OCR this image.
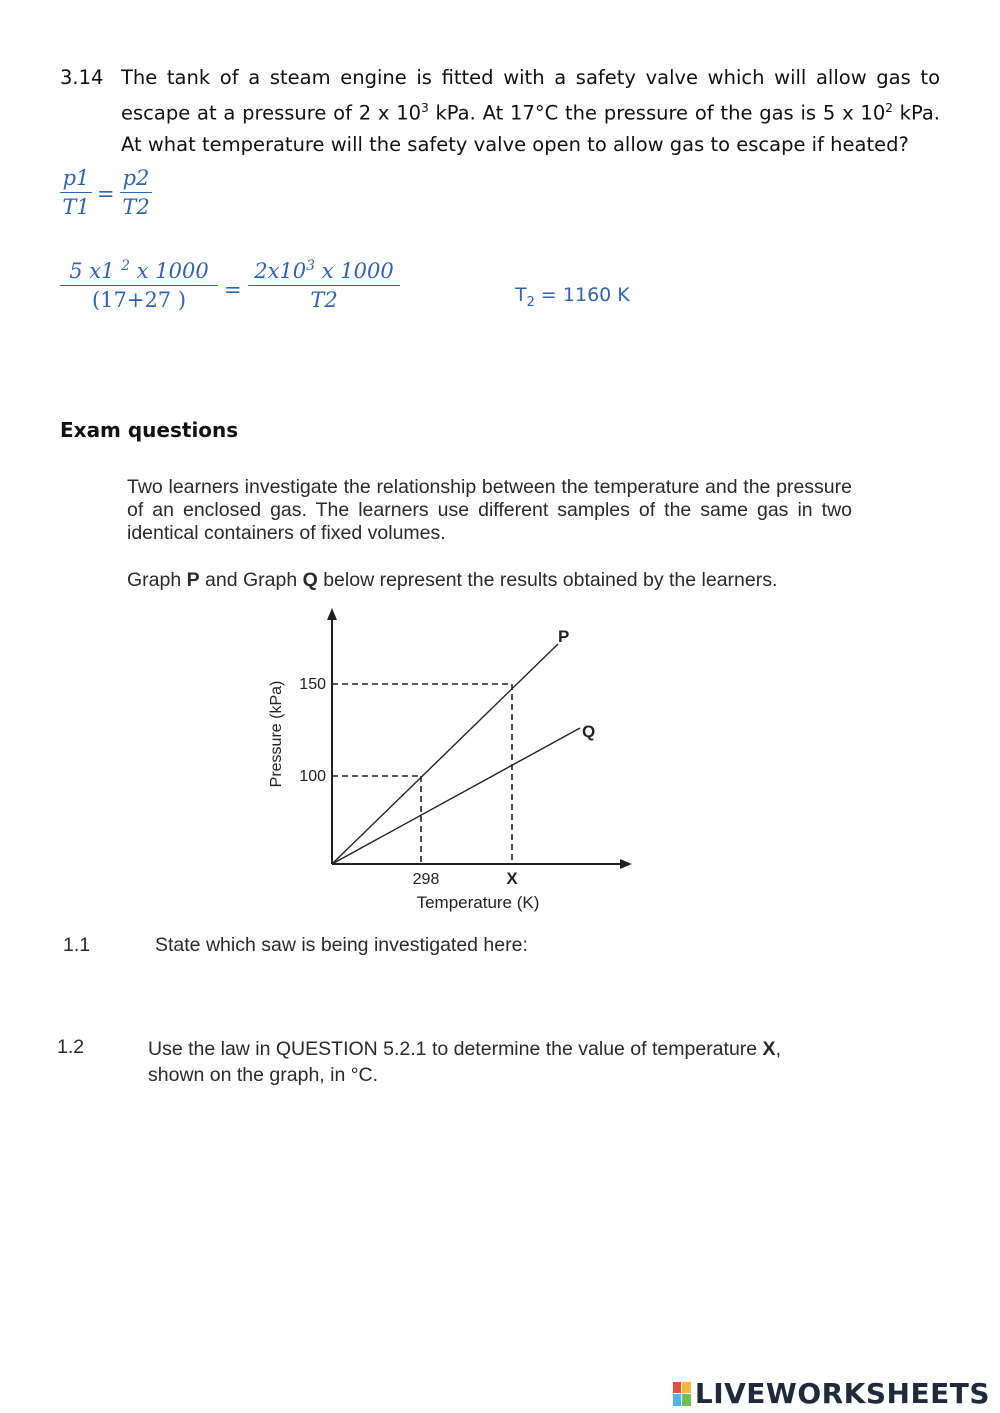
3.14 The tank of a steam engine is fitted with a safety valve which will allow gas to escape at a pressure of 2 x $10^3$ kPa. At 17°C the pressure of the gas is 5 x $10^2$ kPa. At what temperature will the safety valve open to allow gas to escape if heated?
p1
T1
=
p2
T2
5 x1 $^2$ x 1000
(17+27 )	=
$2x10^3$ x 1000
T2	$T_2 = 1160$ K
Exam questions
Two learners investigate the relationship between the temperature and the pressure of an enclosed gas. The learners use different samples of the same gas in two identical containers of fixed volumes.
Graph P and Graph Q below represent the results obtained by the learners.
150
100
298	X
Temperature (K)
Pressure (kPa)
P
Q
1.1	State which saw is being investigated here:
1.2	Use the law in QUESTION 5.2.1 to determine the value of temperature X, shown on the graph, in °C.
LIVEWORKSHEETS
